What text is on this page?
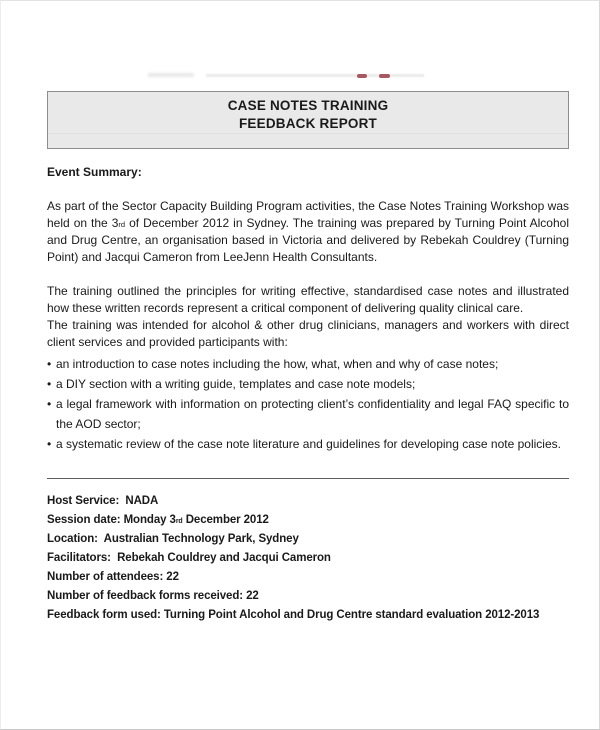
CASE NOTES TRAINING
FEEDBACK REPORT
Event Summary:

As part of the Sector Capacity Building Program activities, the Case Notes Training Workshop was held on the 3rd of December 2012 in Sydney. The training was prepared by Turning Point Alcohol and Drug Centre, an organisation based in Victoria and delivered by Rebekah Couldrey (Turning Point) and Jacqui Cameron from LeeJenn Health Consultants.

The training outlined the principles for writing effective, standardised case notes and illustrated how these written records represent a critical component of delivering quality clinical care.

The training was intended for alcohol & other drug clinicians, managers and workers with direct client services and provided participants with:

• an introduction to case notes including the how, what, when and why of case notes;
• a DIY section with a writing guide, templates and case note models;
• a legal framework with information on protecting client’s confidentiality and legal FAQ specific to the AOD sector;
• a systematic review of the case note literature and guidelines for developing case note policies.
Host Service:  NADA
Session date: Monday 3rd December 2012
Location:  Australian Technology Park, Sydney
Facilitators:  Rebekah Couldrey and Jacqui Cameron
Number of attendees: 22
Number of feedback forms received: 22
Feedback form used: Turning Point Alcohol and Drug Centre standard evaluation 2012-2013
